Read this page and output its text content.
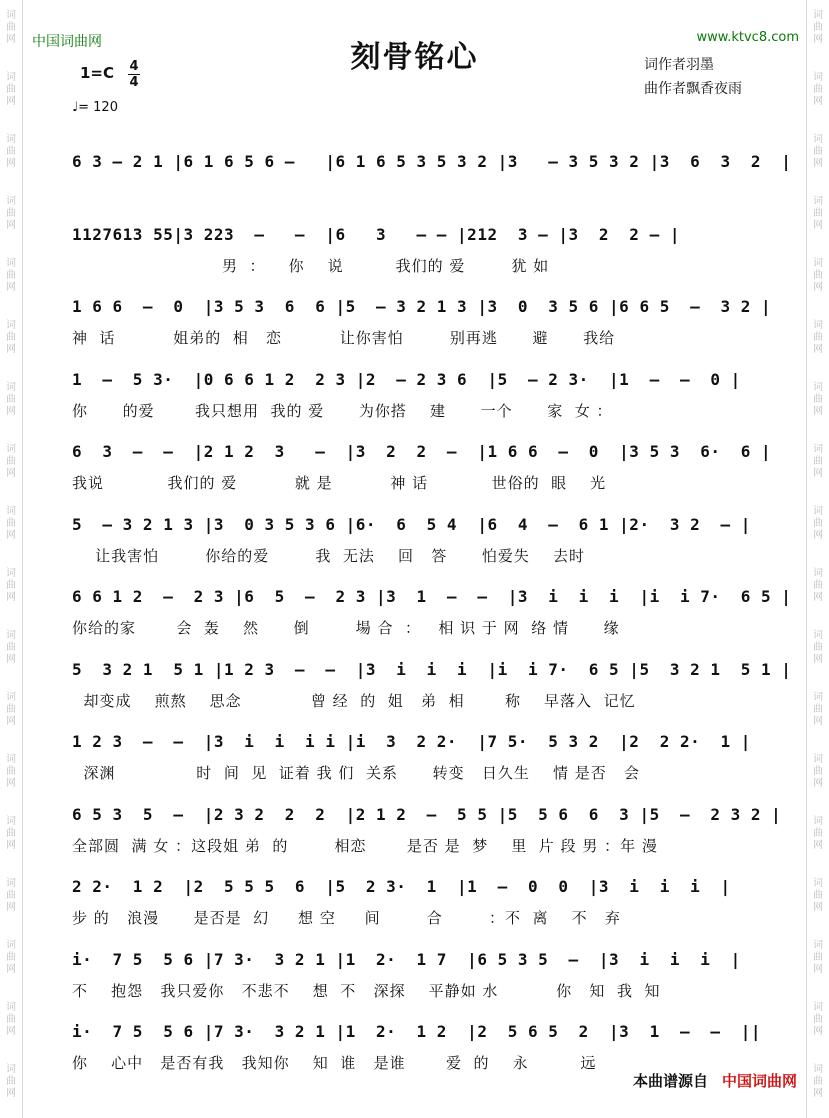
中国词曲网	www.ktvc8.com
刻骨铭心	词作者羽墨
曲作者飘香夜雨
1=C 4
4
♩= 120
6 3 – 2 1 |6 1 6 5 6 –   |6 1 6 5 3 5 3 2 |3   – 3 5 3 2 |3  6  3  2  |
1127613 55|3 223  –   –  |6   3   – – |212  3 – |3  2  2 – |
男  ：    你    说         我们的 爱        犹 如
1 6 6  –  0  |3 5 3  6  6 |5  – 3 2 1 3 |3  0  3 5 6 |6 6 5  –  3 2 |
神  话          姐弟的  相   恋          让你害怕        别再逃      避      我给
1  –  5 3·  |0 6 6 1 2  2 3 |2  – 2 3 6  |5  – 2 3·  |1  –  –  0 |
你      的爱       我只想用  我的 爱      为你搭    建      一个      家  女 ：
6  3  –  –  |2 1 2  3   –  |3  2  2  –  |1 6 6  –  0  |3 5 3  6·  6 |
我说           我们的 爱          就 是          神 话           世俗的  眼    光
5  – 3 2 1 3 |3  0 3 5 3 6 |6·  6  5 4  |6  4  –  6 1 |2·  3 2  – |
让我害怕        你给的爱        我  无法    回   答      怕爱失    去时
6 6 1 2  –  2 3 |6  5  –  2 3 |3  1  –  –  |3  i  i  i  |i  i 7·  6 5 |
你给的家       会  轰    然      倒        場 合  ：   相 识 于 网  络 情      缘
5  3 2 1  5 1 |1 2 3  –  –  |3  i  i  i  |i  i 7·  6 5 |5  3 2 1  5 1 |
却变成    煎熬    思念            曾 经  的  姐   弟  相       称    早落入  记忆
1 2 3  –  –  |3  i  i  i i |i  3  2 2·  |7 5·  5 3 2  |2  2 2·  1 |
深渊              时  间  见  证着 我 们  关系      转变   日久生    情 是否   会
6 5 3  5  –  |2 3 2  2  2  |2 1 2  –  5 5 |5  5 6  6  3 |5  –  2 3 2 |
全部圆  满 女 ：这段姐 弟  的        相恋       是否 是  梦    里  片 段 男 ：年 漫
2 2·  1 2  |2  5 5 5  6  |5  2 3·  1  |1  –  0  0  |3  i  i  i  |
步 的   浪漫      是否是  幻     想 空     间        合        ：不  离    不   弃
i·  7 5  5 6 |7 3·  3 2 1 |1  2·  1 7  |6 5 3 5  –  |3  i  i  i  |
不    抱怨   我只爱你   不悲不    想  不   深探    平静如 水          你   知  我  知
i·  7 5  5 6 |7 3·  3 2 1 |1  2·  1 2  |2  5 6 5  2  |3  1  –  –  ||
你    心中   是否有我   我知你    知  谁   是谁       爱  的    永         远
本曲谱源自 中国词曲网
词
曲
网
词
曲
网
词
曲
网
词
曲
网
词
曲
网
词
曲
网
词
曲
网
词
曲
网
词
曲
网
词
曲
网
词
曲
网
词
曲
网
词
曲
网
词
曲
网
词
曲
网
词
曲
网
词
曲
网
词
曲
网
词
曲
网
词
曲
网
词
曲
网
词
曲
网
词
曲
网
词
曲
网
词
曲
网
词
曲
网
词
曲
网
词
曲
网
词
曲
网
词
曲
网
词
曲
网
词
曲
网
词
曲
网
词
曲
网
词
曲
网
词
曲
网
